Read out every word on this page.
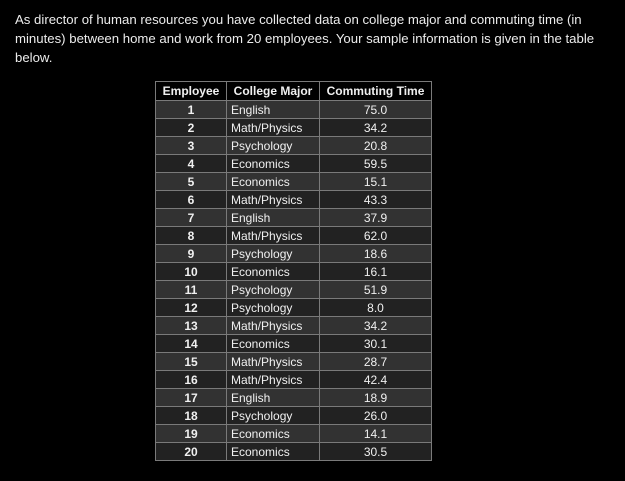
As director of human resources you have collected data on college major and commuting time (in minutes) between home and work from 20 employees. Your sample information is given in the table below.
Employee	College Major	Commuting Time
1	English	75.0
2	Math/Physics	34.2
3	Psychology	20.8
4	Economics	59.5
5	Economics	15.1
6	Math/Physics	43.3
7	English	37.9
8	Math/Physics	62.0
9	Psychology	18.6
10	Economics	16.1
11	Psychology	51.9
12	Psychology	8.0
13	Math/Physics	34.2
14	Economics	30.1
15	Math/Physics	28.7
16	Math/Physics	42.4
17	English	18.9
18	Psychology	26.0
19	Economics	14.1
20	Economics	30.5
